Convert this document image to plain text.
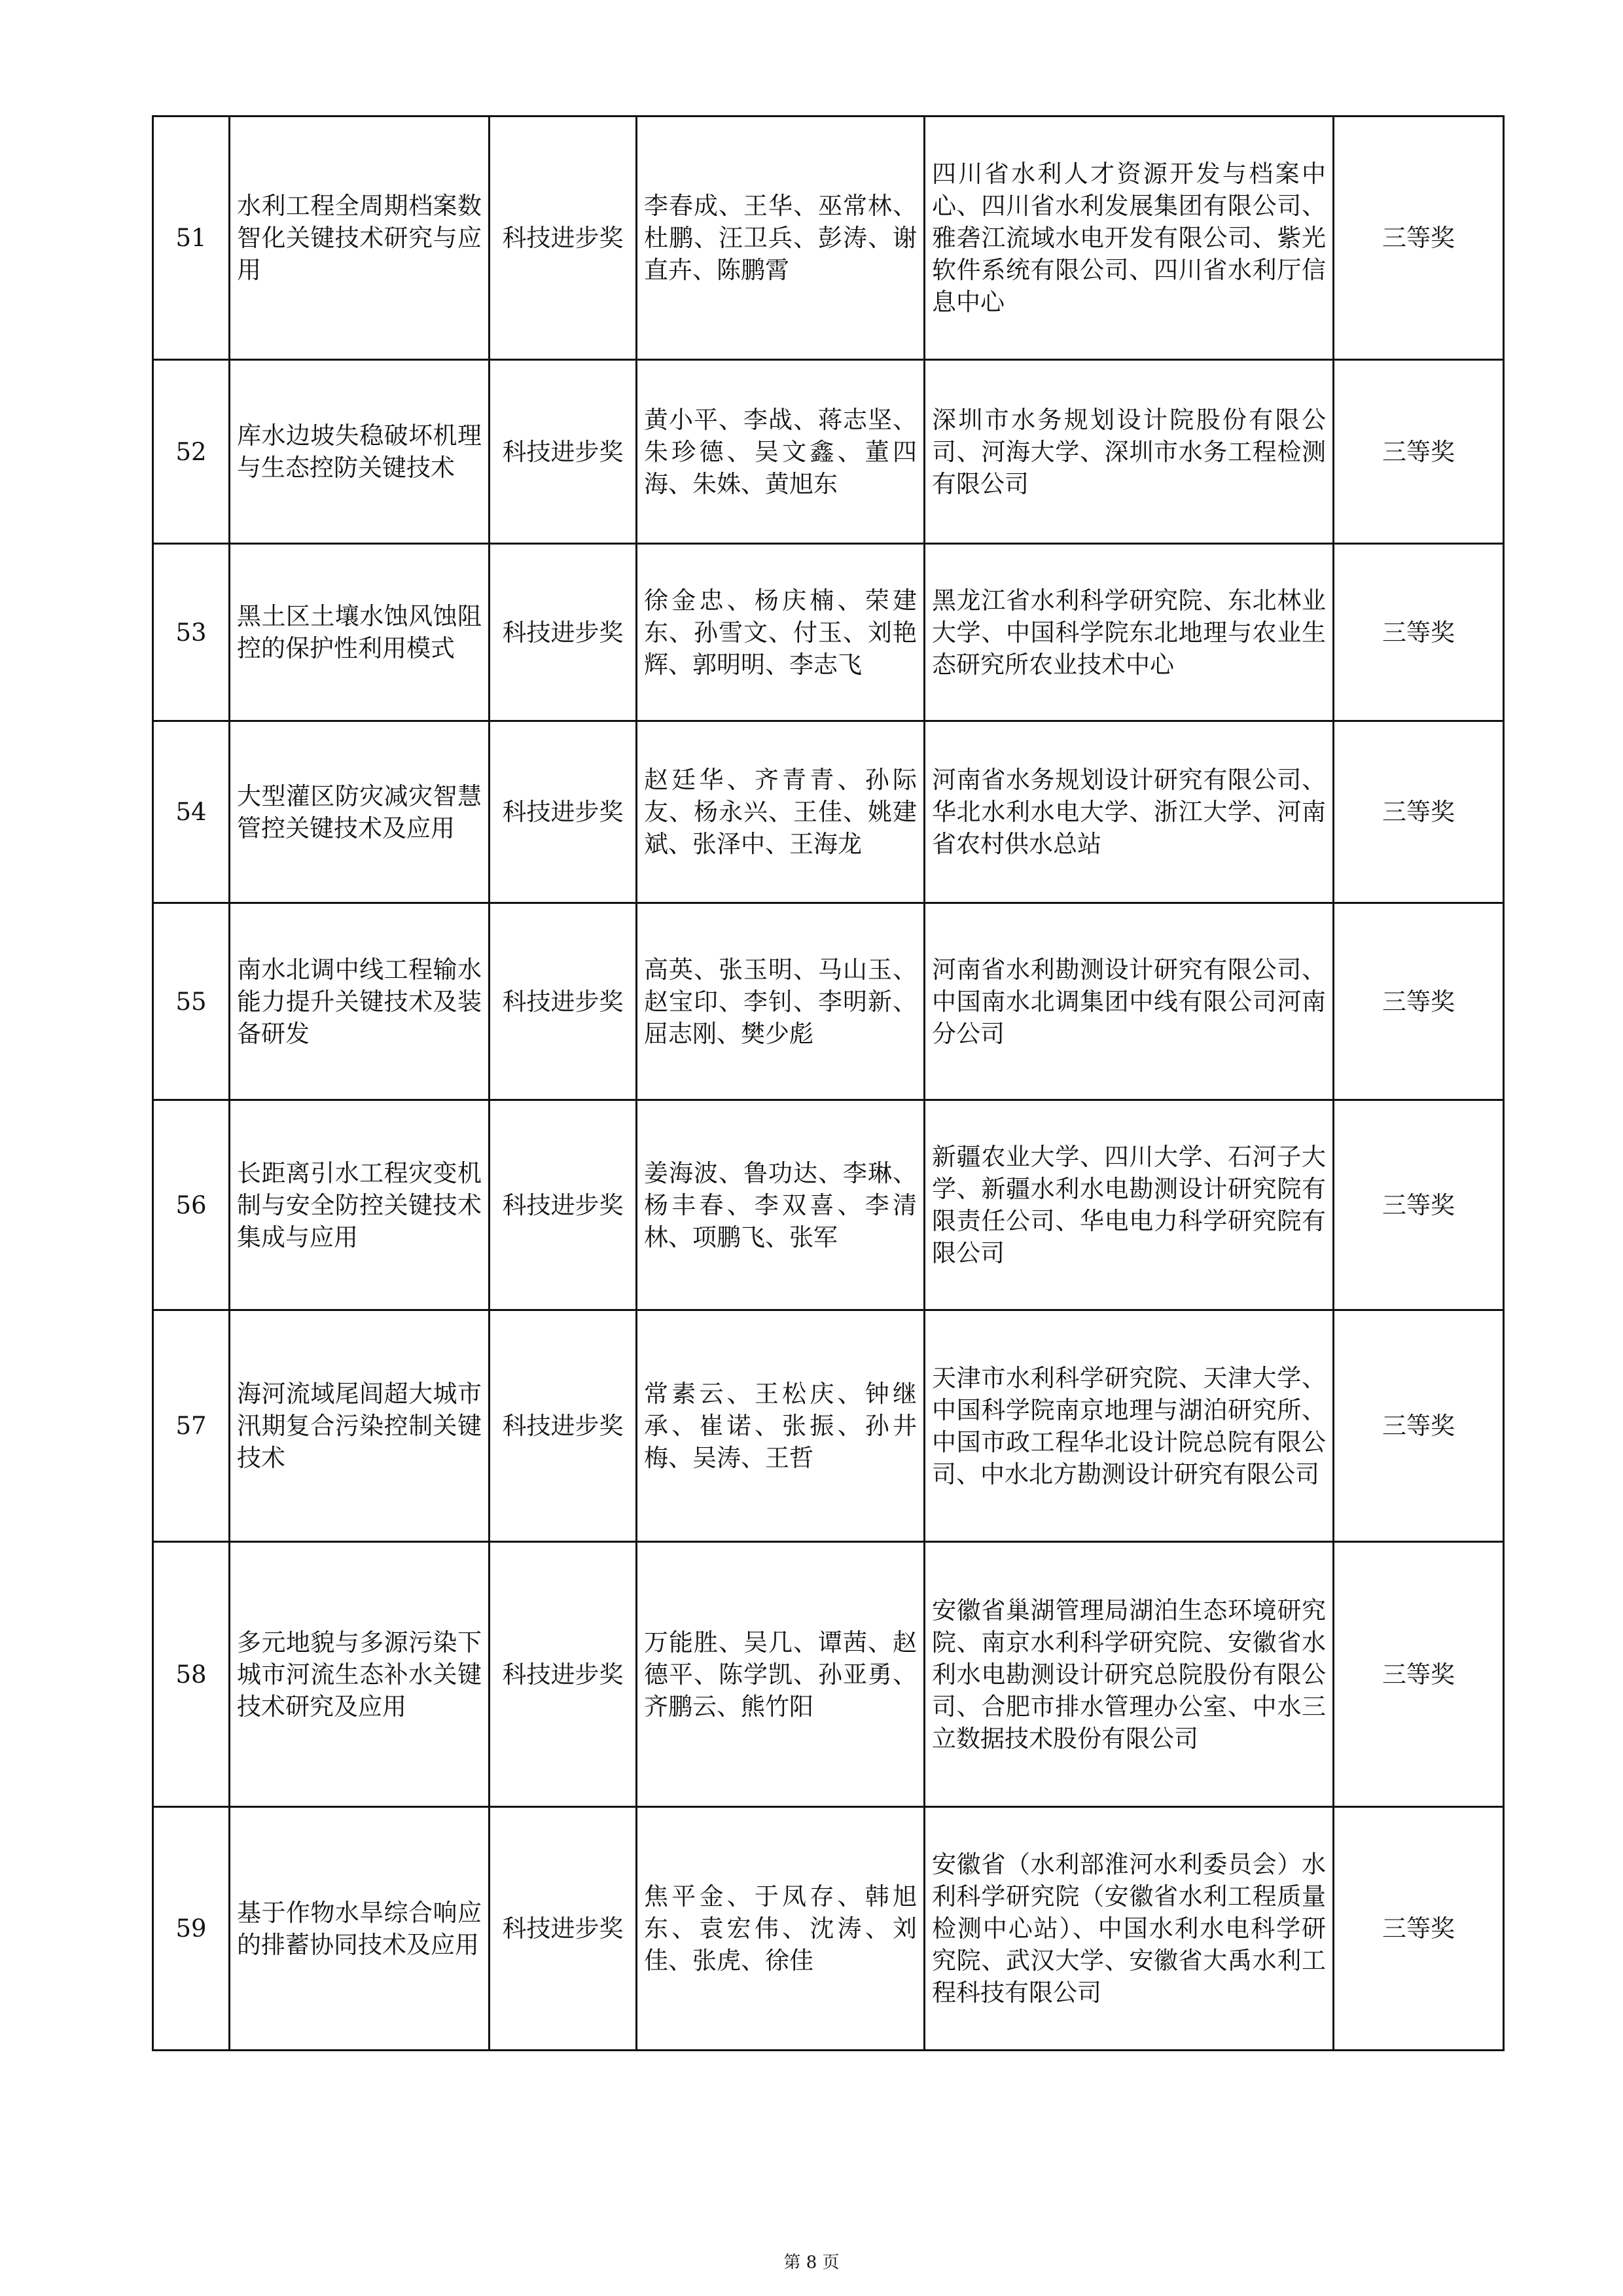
51	水利工程全周期档案数智化关键技术研究与应用	科技进步奖	李春成、王华、巫常林、杜鹏、汪卫兵、彭涛、谢直卉、陈鹏霄	四川省水利人才资源开发与档案中心、四川省水利发展集团有限公司、雅砻江流域水电开发有限公司、紫光软件系统有限公司、四川省水利厅信息中心	三等奖
52	库水边坡失稳破坏机理与生态控防关键技术	科技进步奖	黄小平、李战、蒋志坚、朱珍德、吴文鑫、董四海、朱姝、黄旭东	深圳市水务规划设计院股份有限公司、河海大学、深圳市水务工程检测有限公司	三等奖
53	黑土区土壤水蚀风蚀阻控的保护性利用模式	科技进步奖	徐金忠、杨庆楠、荣建东、孙雪文、付玉、刘艳辉、郭明明、李志飞	黑龙江省水利科学研究院、东北林业大学、中国科学院东北地理与农业生态研究所农业技术中心	三等奖
54	大型灌区防灾减灾智慧管控关键技术及应用	科技进步奖	赵廷华、齐青青、孙际友、杨永兴、王佳、姚建斌、张泽中、王海龙	河南省水务规划设计研究有限公司、华北水利水电大学、浙江大学、河南省农村供水总站	三等奖
55	南水北调中线工程输水能力提升关键技术及装备研发	科技进步奖	高英、张玉明、马山玉、赵宝印、李钊、李明新、屈志刚、樊少彪	河南省水利勘测设计研究有限公司、中国南水北调集团中线有限公司河南分公司	三等奖
56	长距离引水工程灾变机制与安全防控关键技术集成与应用	科技进步奖	姜海波、鲁功达、李琳、杨丰春、李双喜、李清林、项鹏飞、张军	新疆农业大学、四川大学、石河子大学、新疆水利水电勘测设计研究院有限责任公司、华电电力科学研究院有限公司	三等奖
57	海河流域尾闾超大城市汛期复合污染控制关键技术	科技进步奖	常素云、王松庆、钟继承、崔诺、张振、孙井梅、吴涛、王哲	天津市水利科学研究院、天津大学、中国科学院南京地理与湖泊研究所、中国市政工程华北设计院总院有限公司、中水北方勘测设计研究有限公司	三等奖
58	多元地貌与多源污染下城市河流生态补水关键技术研究及应用	科技进步奖	万能胜、吴几、谭茜、赵德平、陈学凯、孙亚勇、齐鹏云、熊竹阳	安徽省巢湖管理局湖泊生态环境研究院、南京水利科学研究院、安徽省水利水电勘测设计研究总院股份有限公司、合肥市排水管理办公室、中水三立数据技术股份有限公司	三等奖
59	基于作物水旱综合响应的排蓄协同技术及应用	科技进步奖	焦平金、于凤存、韩旭东、袁宏伟、沈涛、刘佳、张虎、徐佳	安徽省（水利部淮河水利委员会）水利科学研究院（安徽省水利工程质量检测中心站）、中国水利水电科学研究院、武汉大学、安徽省大禹水利工程科技有限公司	三等奖
第 8 页
